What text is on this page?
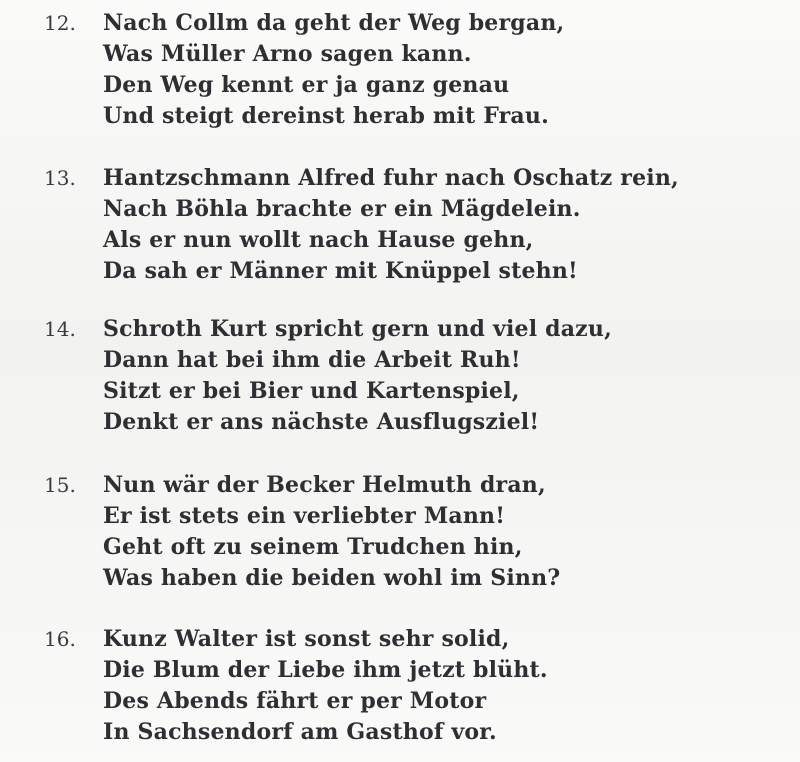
12. Nach Collm da geht der Weg bergan,
Was Müller Arno sagen kann.
Den Weg kennt er ja ganz genau
Und steigt dereinst herab mit Frau.
13. Hantzschmann Alfred fuhr nach Oschatz rein,
Nach Böhla brachte er ein Mägdelein.
Als er nun wollt nach Hause gehn,
Da sah er Männer mit Knüppel stehn!
14. Schroth Kurt spricht gern und viel dazu,
Dann hat bei ihm die Arbeit Ruh!
Sitzt er bei Bier und Kartenspiel,
Denkt er ans nächste Ausflugsziel!
15. Nun wär der Becker Helmuth dran,
Er ist stets ein verliebter Mann!
Geht oft zu seinem Trudchen hin,
Was haben die beiden wohl im Sinn?
16. Kunz Walter ist sonst sehr solid,
Die Blum der Liebe ihm jetzt blüht.
Des Abends fährt er per Motor
In Sachsendorf am Gasthof vor.
